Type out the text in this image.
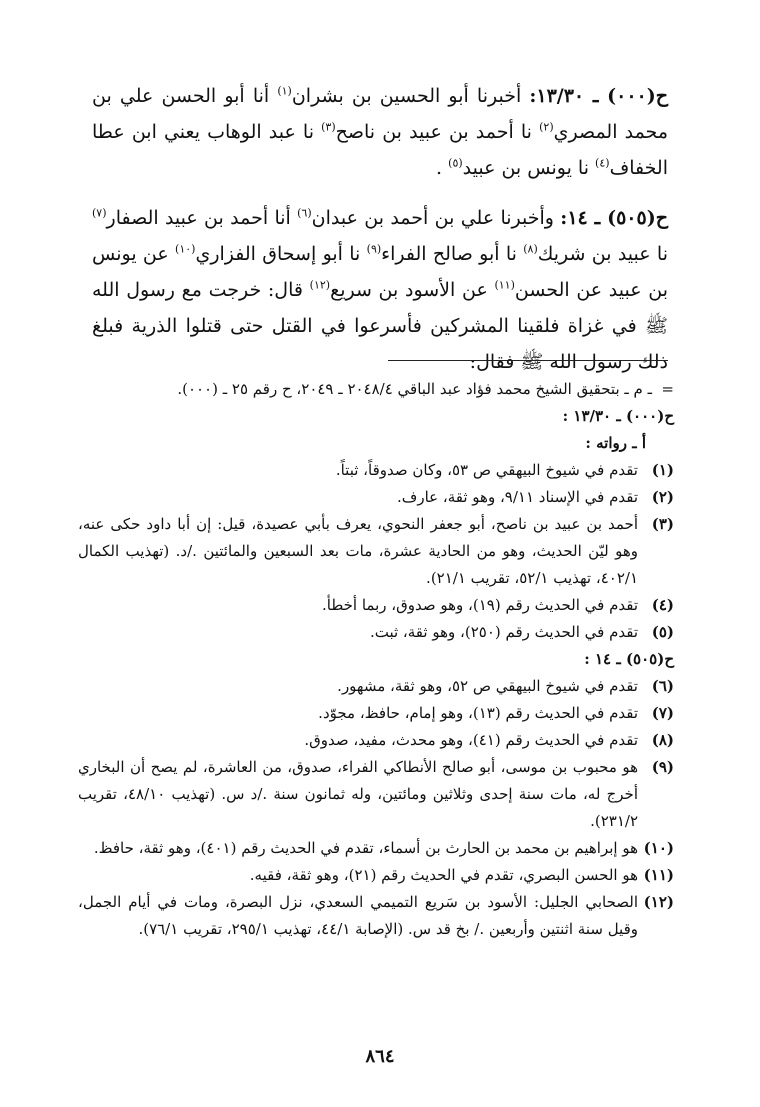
ح(٠٠٠) ـ ١٣/٣٠: أخبرنا أبو الحسين بن بشران$^{(١)}$ أنا أبو الحسن علي بن محمد المصري$^{(٢)}$ نا أحمد بن عبيد بن ناصح$^{(٣)}$ نا عبد الوهاب يعني ابن عطا الخفاف$^{(٤)}$ نا يونس بن عبيد$^{(٥)}$ .

ح(٥٠٥) ـ ١٤: وأخبرنا علي بن أحمد بن عبدان$^{(٦)}$ أنا أحمد بن عبيد الصفار$^{(٧)}$ نا عبيد بن شريك$^{(٨)}$ نا أبو صالح الفراء$^{(٩)}$ نا أبو إسحاق الفزاري$^{(١٠)}$ عن يونس بن عبيد عن الحسن$^{(١١)}$ عن الأسود بن سريع$^{(١٢)}$ قال: خرجت مع رسول الله ﷺ في غزاة فلقينا المشركين فأسرعوا في القتل حتى قتلوا الذرية فبلغ ذلك رسول الله ﷺ فقال:

=
ـ م ـ بتحقيق الشيخ محمد فؤاد عبد الباقي ٢٠٤٨/٤ ـ ٢٠٤٩، ح رقم ٢٥ ـ (٠٠٠).

ح(٠٠٠) ـ ١٣/٣٠ :

أ ـ رواته :

(١)
تقدم في شيوخ البيهقي ص ٥٣، وكان صدوقاً، ثبتاً.
(٢)
تقدم في الإسناد ٩/١١، وهو ثقة، عارف.
(٣)
أحمد بن عبيد بن ناصح، أبو جعفر النحوي، يعرف بأبي عصيدة، قيل: إن أبا داود حكى عنه، وهو ليّن الحديث، وهو من الحادية عشرة، مات بعد السبعين والمائتين ./د. (تهذيب الكمال ٤٠٢/١، تهذيب ٥٢/١، تقريب ٢١/١).
(٤)
تقدم في الحديث رقم (١٩)، وهو صدوق، ربما أخطأ.
(٥)
تقدم في الحديث رقم (٢٥٠)، وهو ثقة، ثبت.

ح(٥٠٥) ـ ١٤ :

(٦)
تقدم في شيوخ البيهقي ص ٥٢، وهو ثقة، مشهور.
(٧)
تقدم في الحديث رقم (١٣)، وهو إمام، حافظ، مجوّد.
(٨)
تقدم في الحديث رقم (٤١)، وهو محدث، مفيد، صدوق.
(٩)
هو محبوب بن موسى، أبو صالح الأنطاكي الفراء، صدوق، من العاشرة، لم يصح أن البخاري أخرج له، مات سنة إحدى وثلاثين ومائتين، وله ثمانون سنة ./د س. (تهذيب ٤٨/١٠، تقريب ٢٣١/٢).
(١٠)
هو إبراهيم بن محمد بن الحارث بن أسماء، تقدم في الحديث رقم (٤٠١)، وهو ثقة، حافظ.
(١١)
هو الحسن البصري، تقدم في الحديث رقم (٢١)، وهو ثقة، فقيه.
(١٢)
الصحابي الجليل: الأسود بن سَريع التميمي السعدي، نزل البصرة، ومات في أيام الجمل، وقيل سنة اثنتين وأربعين ./ بخ قد س. (الإصابة ٤٤/١، تهذيب ٢٩٥/١، تقريب ٧٦/١).
٨٦٤
